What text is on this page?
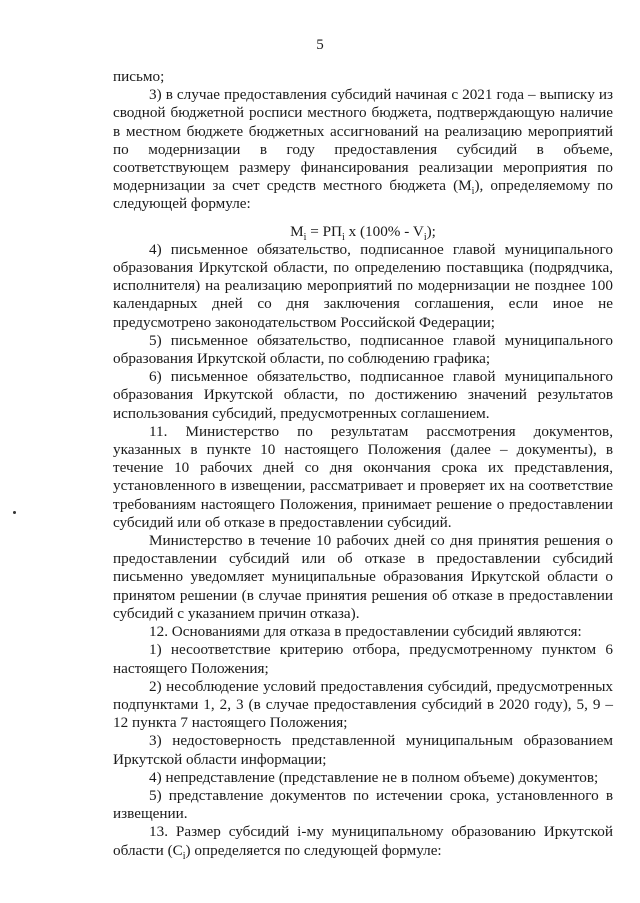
5

письмо;

3) в случае предоставления субсидий начиная с 2021 года – выписку из сводной бюджетной росписи местного бюджета, подтверждающую наличие в местном бюджете бюджетных ассигнований на реализацию мероприятий по модернизации в году предоставления субсидий в объеме, соответствующем размеру финансирования реализации мероприятия по модернизации за счет средств местного бюджета $(M_i)$, определяемому по следующей формуле:

$M_i = РП_i$ x $(100\% - V_i)$;

4) письменное обязательство, подписанное главой муниципального образования Иркутской области, по определению поставщика (подрядчика, исполнителя) на реализацию мероприятий по модернизации не позднее 100 календарных дней со дня заключения соглашения, если иное не предусмотрено законодательством Российской Федерации;

5) письменное обязательство, подписанное главой муниципального образования Иркутской области, по соблюдению графика;

6) письменное обязательство, подписанное главой муниципального образования Иркутской области, по достижению значений результатов использования субсидий, предусмотренных соглашением.

11. Министерство по результатам рассмотрения документов, указанных в пункте 10 настоящего Положения (далее – документы), в течение 10 рабочих дней со дня окончания срока их представления, установленного в извещении, рассматривает и проверяет их на соответствие требованиям настоящего Положения, принимает решение о предоставлении субсидий или об отказе в предоставлении субсидий.

Министерство в течение 10 рабочих дней со дня принятия решения о предоставлении субсидий или об отказе в предоставлении субсидий письменно уведомляет муниципальные образования Иркутской области о принятом решении (в случае принятия решения об отказе в предоставлении субсидий с указанием причин отказа).

12. Основаниями для отказа в предоставлении субсидий являются:

1) несоответствие критерию отбора, предусмотренному пунктом 6 настоящего Положения;

2) несоблюдение условий предоставления субсидий, предусмотренных подпунктами 1, 2, 3 (в случае предоставления субсидий в 2020 году), 5, 9 – 12 пункта 7 настоящего Положения;

3) недостоверность представленной муниципальным образованием Иркутской области информации;

4) непредставление (представление не в полном объеме) документов;

5) представление документов по истечении срока, установленного в извещении.

13. Размер субсидий i-му муниципальному образованию Иркутской области $(C_i)$ определяется по следующей формуле:
